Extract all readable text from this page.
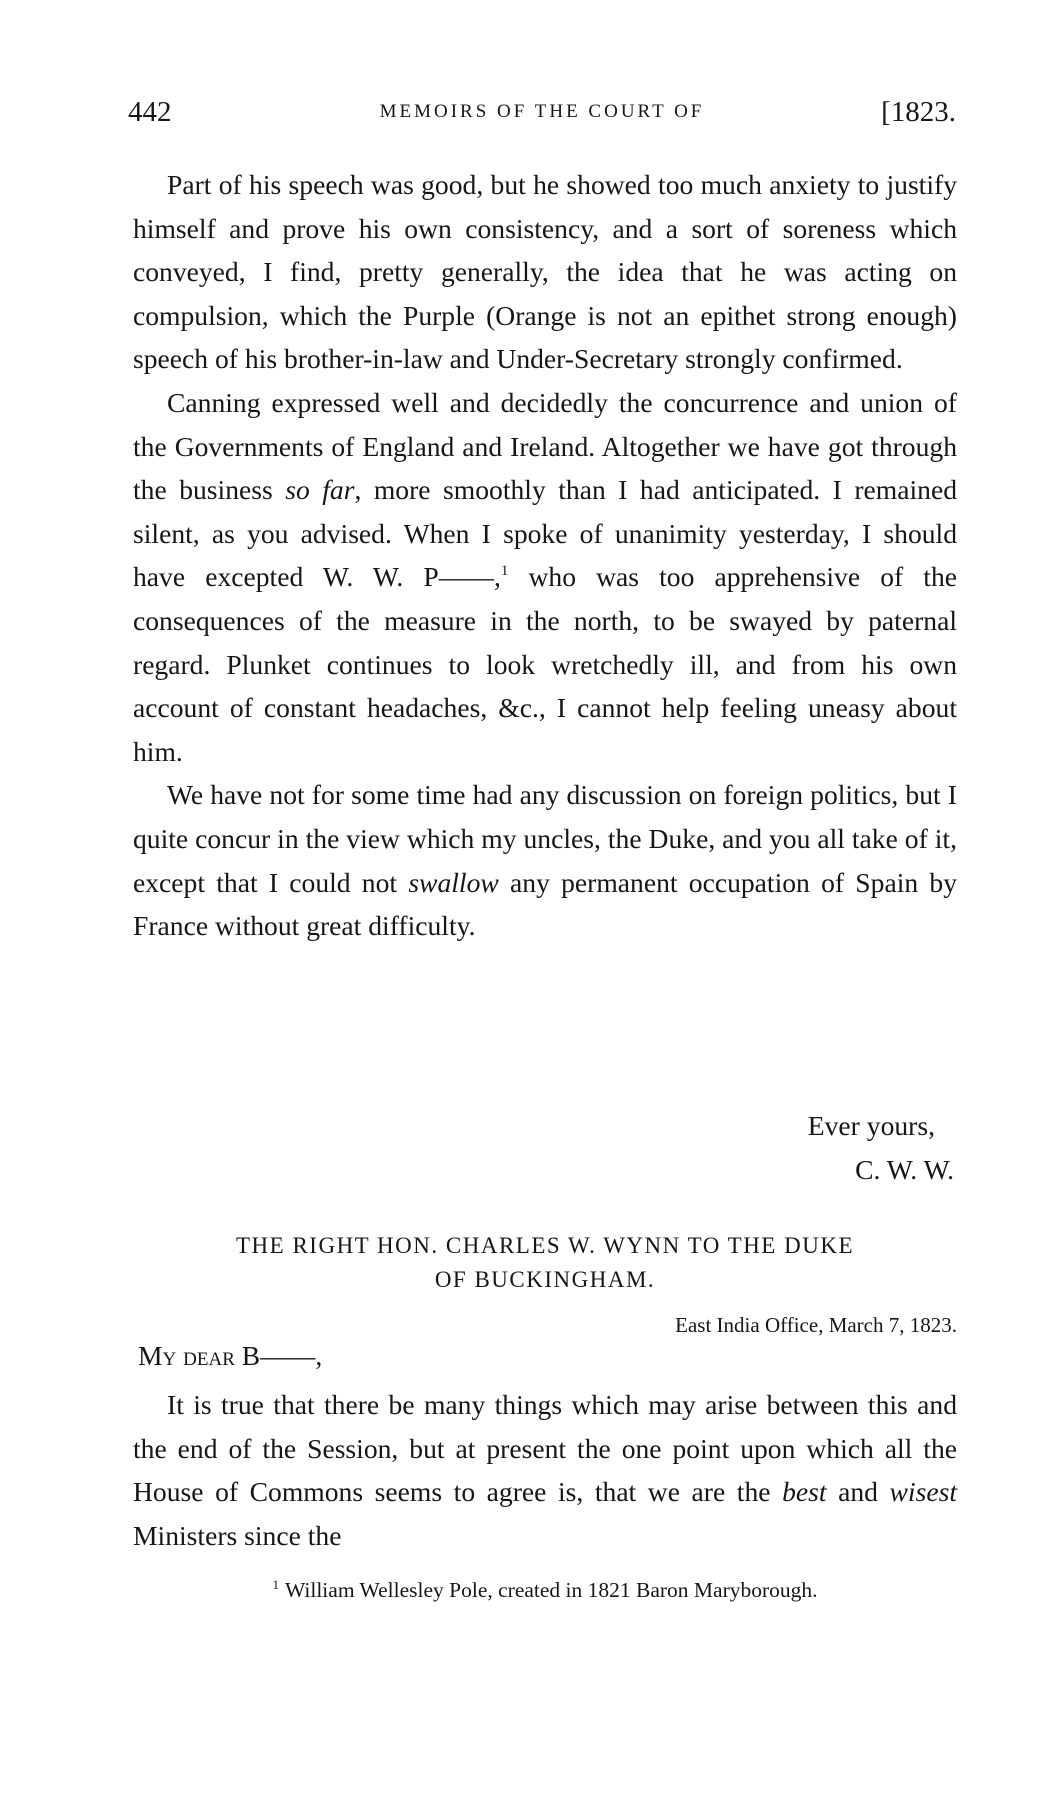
442	MEMOIRS OF THE COURT OF	[1823.

Part of his speech was good, but he showed too much anxiety to justify himself and prove his own consistency, and a sort of soreness which conveyed, I find, pretty generally, the idea that he was acting on compulsion, which the Purple (Orange is not an epithet strong enough) speech of his brother-in-law and Under-Secretary strongly confirmed.

Canning expressed well and decidedly the concurrence and union of the Governments of England and Ireland. Altogether we have got through the business so far, more smoothly than I had anticipated. I remained silent, as you advised. When I spoke of unanimity yesterday, I should have excepted W. W. P——,$^1$ who was too apprehensive of the consequences of the measure in the north, to be swayed by paternal regard. Plunket continues to look wretchedly ill, and from his own account of constant headaches, &c., I cannot help feeling uneasy about him.

We have not for some time had any discussion on foreign politics, but I quite concur in the view which my uncles, the Duke, and you all take of it, except that I could not swallow any permanent occupation of Spain by France without great difficulty.

Ever yours,
C. W. W.
THE RIGHT HON. CHARLES W. WYNN TO THE DUKE
OF BUCKINGHAM.
East India Office, March 7, 1823.
My dear B——,

It is true that there be many things which may arise between this and the end of the Session, but at present the one point upon which all the House of Commons seems to agree is, that we are the best and wisest Ministers since the

$^1$ William Wellesley Pole, created in 1821 Baron Maryborough.
